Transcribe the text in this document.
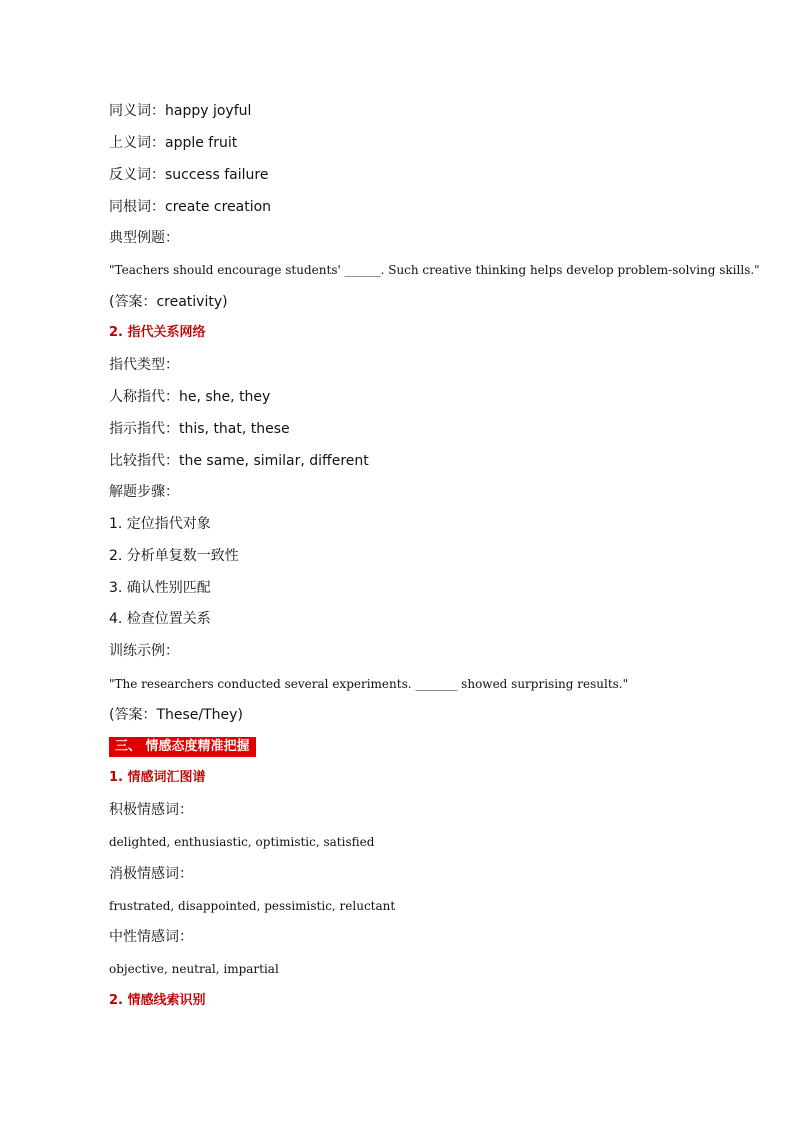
同义词：happy joyful
上义词：apple fruit
反义词：success failure
同根词：create creation
典型例题：
"Teachers should encourage students' ______. Such creative thinking helps develop problem-solving skills."
(答案：creativity)
2. 指代关系网络
指代类型：
人称指代：he, she, they
指示指代：this, that, these
比较指代：the same, similar, different
解题步骤：
1. 定位指代对象
2. 分析单复数一致性
3. 确认性别匹配
4. 检查位置关系
训练示例：
"The researchers conducted several experiments. _______ showed surprising results."
(答案：These/They)
三、 情感态度精准把握
1. 情感词汇图谱
积极情感词：
delighted, enthusiastic, optimistic, satisfied
消极情感词：
frustrated, disappointed, pessimistic, reluctant
中性情感词：
objective, neutral, impartial
2. 情感线索识别
